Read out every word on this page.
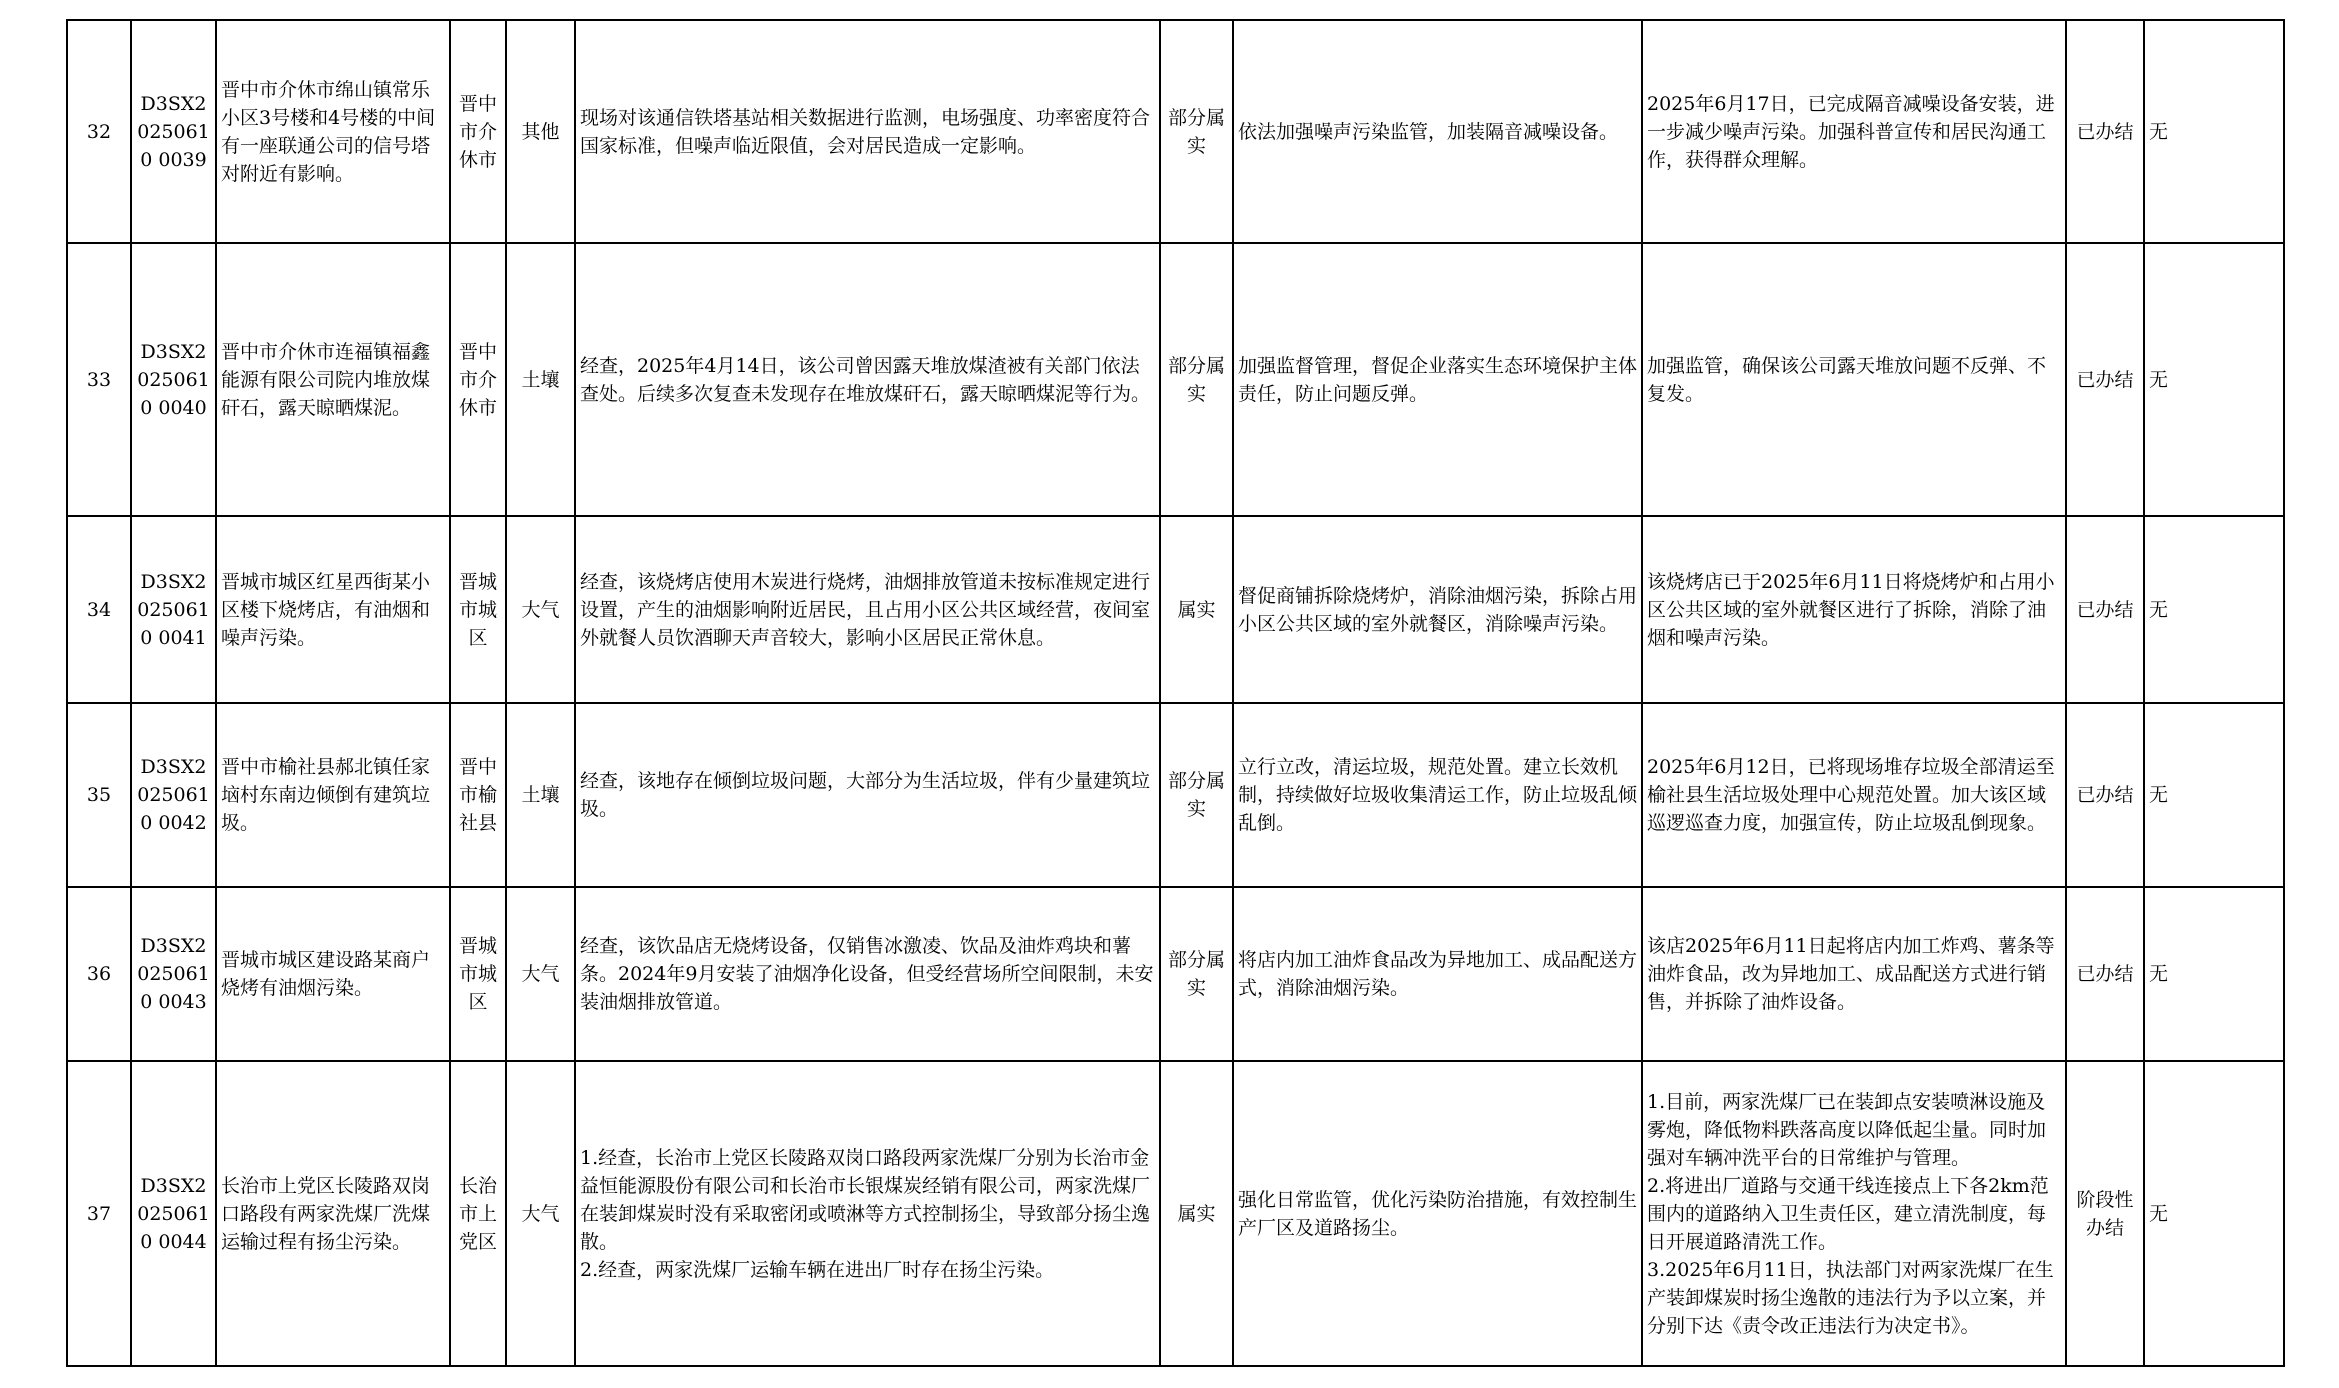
32	D3SX20250610 0039	晋中市介休市绵山镇常乐小区3号楼和4号楼的中间有一座联通公司的信号塔对附近有影响。	晋中市介休市	其他	现场对该通信铁塔基站相关数据进行监测，电场强度、功率密度符合国家标准，但噪声临近限值，会对居民造成一定影响。	部分属实	依法加强噪声污染监管，加装隔音减噪设备。	2025年6月17日，已完成隔音减噪设备安装，进一步减少噪声污染。加强科普宣传和居民沟通工作，获得群众理解。	已办结	无
33	D3SX20250610 0040	晋中市介休市连福镇福鑫能源有限公司院内堆放煤矸石，露天晾晒煤泥。	晋中市介休市	土壤	经查，2025年4月14日，该公司曾因露天堆放煤渣被有关部门依法查处。后续多次复查未发现存在堆放煤矸石，露天晾晒煤泥等行为。	部分属实	加强监督管理，督促企业落实生态环境保护主体责任，防止问题反弹。	加强监管，确保该公司露天堆放问题不反弹、不复发。	已办结	无
34	D3SX20250610 0041	晋城市城区红星西街某小区楼下烧烤店，有油烟和噪声污染。	晋城市城区	大气	经查，该烧烤店使用木炭进行烧烤，油烟排放管道未按标准规定进行设置，产生的油烟影响附近居民，且占用小区公共区域经营，夜间室外就餐人员饮酒聊天声音较大，影响小区居民正常休息。	属实	督促商铺拆除烧烤炉，消除油烟污染，拆除占用小区公共区域的室外就餐区，消除噪声污染。	该烧烤店已于2025年6月11日将烧烤炉和占用小区公共区域的室外就餐区进行了拆除，消除了油烟和噪声污染。	已办结	无
35	D3SX20250610 0042	晋中市榆社县郝北镇任家垴村东南边倾倒有建筑垃圾。	晋中市榆社县	土壤	经查，该地存在倾倒垃圾问题，大部分为生活垃圾，伴有少量建筑垃圾。	部分属实	立行立改，清运垃圾，规范处置。建立长效机制，持续做好垃圾收集清运工作，防止垃圾乱倾乱倒。	2025年6月12日，已将现场堆存垃圾全部清运至榆社县生活垃圾处理中心规范处置。加大该区域巡逻巡查力度，加强宣传，防止垃圾乱倒现象。	已办结	无
36	D3SX20250610 0043	晋城市城区建设路某商户烧烤有油烟污染。	晋城市城区	大气	经查，该饮品店无烧烤设备，仅销售冰激凌、饮品及油炸鸡块和薯条。2024年9月安装了油烟净化设备，但受经营场所空间限制，未安装油烟排放管道。	部分属实	将店内加工油炸食品改为异地加工、成品配送方式，消除油烟污染。	该店2025年6月11日起将店内加工炸鸡、薯条等油炸食品，改为异地加工、成品配送方式进行销售，并拆除了油炸设备。	已办结	无
37	D3SX20250610 0044	长治市上党区长陵路双岗口路段有两家洗煤厂洗煤运输过程有扬尘污染。	长治市上党区	大气	1.经查，长治市上党区长陵路双岗口路段两家洗煤厂分别为长治市金益恒能源股份有限公司和长治市长银煤炭经销有限公司，两家洗煤厂在装卸煤炭时没有采取密闭或喷淋等方式控制扬尘，导致部分扬尘逸散。
2.经查，两家洗煤厂运输车辆在进出厂时存在扬尘污染。	属实	强化日常监管，优化污染防治措施，有效控制生产厂区及道路扬尘。	1.目前，两家洗煤厂已在装卸点安装喷淋设施及雾炮，降低物料跌落高度以降低起尘量。同时加强对车辆冲洗平台的日常维护与管理。
2.将进出厂道路与交通干线连接点上下各2km范围内的道路纳入卫生责任区，建立清洗制度，每日开展道路清洗工作。
3.2025年6月11日，执法部门对两家洗煤厂在生产装卸煤炭时扬尘逸散的违法行为予以立案，并分别下达《责令改正违法行为决定书》。	阶段性办结	无
